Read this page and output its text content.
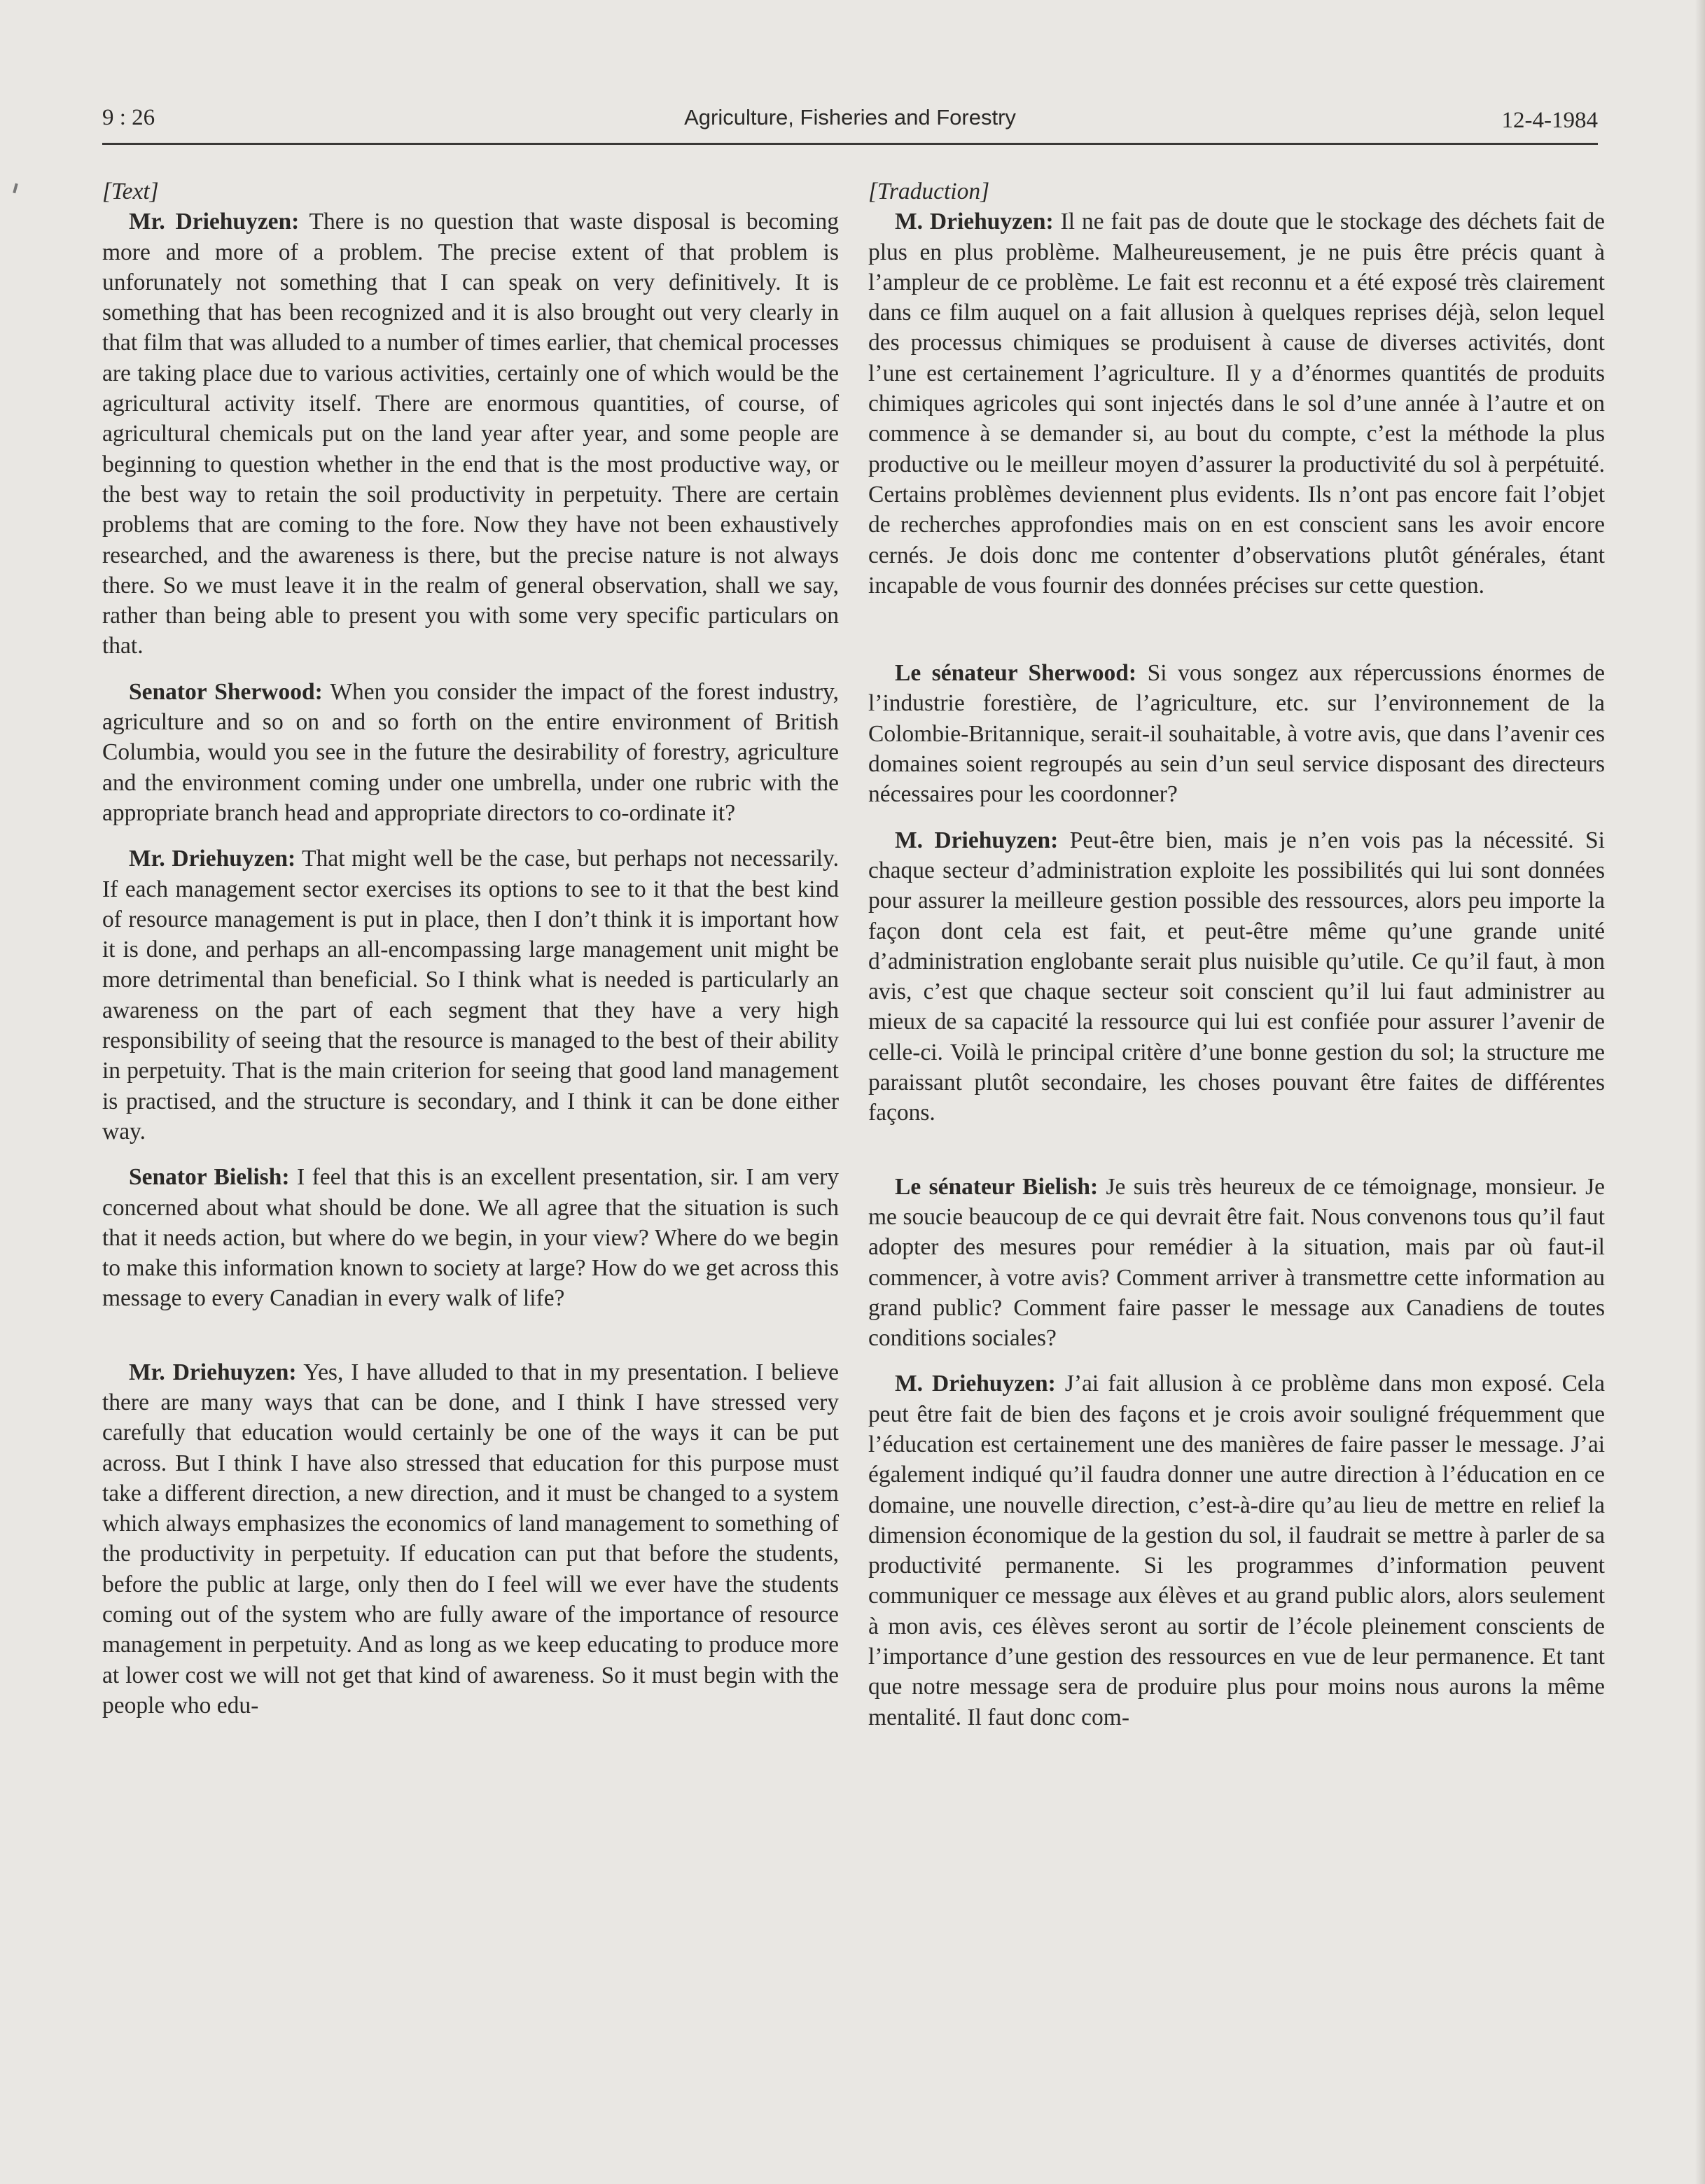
9 : 26	Agriculture, Fisheries and Forestry	12-4-1984

[Text]

Mr. Driehuyzen: There is no question that waste disposal is becoming more and more of a problem. The precise extent of that problem is unforunately not something that I can speak on very definitively. It is something that has been recognized and it is also brought out very clearly in that film that was alluded to a number of times earlier, that chemical processes are taking place due to various activities, certainly one of which would be the agricultural activity itself. There are enormous quantities, of course, of agricultural chemicals put on the land year after year, and some people are beginning to question whether in the end that is the most productive way, or the best way to retain the soil productivity in perpetuity. There are certain problems that are coming to the fore. Now they have not been exhaustively researched, and the awareness is there, but the precise nature is not always there. So we must leave it in the realm of general observation, shall we say, rather than being able to present you with some very specific particulars on that.

Senator Sherwood: When you consider the impact of the forest industry, agriculture and so on and so forth on the entire environment of British Columbia, would you see in the future the desirability of forestry, agriculture and the environment coming under one umbrella, under one rubric with the appropriate branch head and appropriate directors to co-ordinate it?

Mr. Driehuyzen: That might well be the case, but perhaps not necessarily. If each management sector exercises its options to see to it that the best kind of resource management is put in place, then I don’t think it is important how it is done, and perhaps an all-encompassing large management unit might be more detrimental than beneficial. So I think what is needed is particularly an awareness on the part of each segment that they have a very high responsibility of seeing that the resource is managed to the best of their ability in perpetuity. That is the main criterion for seeing that good land management is practised, and the structure is secondary, and I think it can be done either way.

Senator Bielish: I feel that this is an excellent presentation, sir. I am very concerned about what should be done. We all agree that the situation is such that it needs action, but where do we begin, in your view? Where do we begin to make this information known to society at large? How do we get across this message to every Canadian in every walk of life?

Mr. Driehuyzen: Yes, I have alluded to that in my presentation. I believe there are many ways that can be done, and I think I have stressed very carefully that education would certainly be one of the ways it can be put across. But I think I have also stressed that education for this purpose must take a different direction, a new direction, and it must be changed to a system which always emphasizes the economics of land management to something of the productivity in perpetuity. If education can put that before the students, before the public at large, only then do I feel will we ever have the students coming out of the system who are fully aware of the importance of resource management in perpetuity. And as long as we keep educating to produce more at lower cost we will not get that kind of awareness. So it must begin with the people who edu-

[Traduction]

M. Driehuyzen: Il ne fait pas de doute que le stockage des déchets fait de plus en plus problème. Malheureusement, je ne puis être précis quant à l’ampleur de ce problème. Le fait est reconnu et a été exposé très clairement dans ce film auquel on a fait allusion à quelques reprises déjà, selon lequel des processus chimiques se produisent à cause de diverses activités, dont l’une est certainement l’agriculture. Il y a d’énormes quantités de produits chimiques agricoles qui sont injectés dans le sol d’une année à l’autre et on commence à se demander si, au bout du compte, c’est la méthode la plus productive ou le meilleur moyen d’assurer la productivité du sol à perpétuité. Certains problèmes deviennent plus evidents. Ils n’ont pas encore fait l’objet de recherches approfondies mais on en est conscient sans les avoir encore cernés. Je dois donc me contenter d’observations plutôt générales, étant incapable de vous fournir des données précises sur cette question.

Le sénateur Sherwood: Si vous songez aux répercussions énormes de l’industrie forestière, de l’agriculture, etc. sur l’environnement de la Colombie-Britannique, serait-il souhaitable, à votre avis, que dans l’avenir ces domaines soient regroupés au sein d’un seul service disposant des directeurs nécessaires pour les coordonner?

M. Driehuyzen: Peut-être bien, mais je n’en vois pas la nécessité. Si chaque secteur d’administration exploite les possibilités qui lui sont données pour assurer la meilleure gestion possible des ressources, alors peu importe la façon dont cela est fait, et peut-être même qu’une grande unité d’administration englobante serait plus nuisible qu’utile. Ce qu’il faut, à mon avis, c’est que chaque secteur soit conscient qu’il lui faut administrer au mieux de sa capacité la ressource qui lui est confiée pour assurer l’avenir de celle-ci. Voilà le principal critère d’une bonne gestion du sol; la structure me paraissant plutôt secondaire, les choses pouvant être faites de différentes façons.

Le sénateur Bielish: Je suis très heureux de ce témoignage, monsieur. Je me soucie beaucoup de ce qui devrait être fait. Nous convenons tous qu’il faut adopter des mesures pour remédier à la situation, mais par où faut-il commencer, à votre avis? Comment arriver à transmettre cette information au grand public? Comment faire passer le message aux Canadiens de toutes conditions sociales?

M. Driehuyzen: J’ai fait allusion à ce problème dans mon exposé. Cela peut être fait de bien des façons et je crois avoir souligné fréquemment que l’éducation est certainement une des manières de faire passer le message. J’ai également indiqué qu’il faudra donner une autre direction à l’éducation en ce domaine, une nouvelle direction, c’est-à-dire qu’au lieu de mettre en relief la dimension économique de la gestion du sol, il faudrait se mettre à parler de sa productivité permanente. Si les programmes d’information peuvent communiquer ce message aux élèves et au grand public alors, alors seulement à mon avis, ces élèves seront au sortir de l’école pleinement conscients de l’importance d’une gestion des ressources en vue de leur permanence. Et tant que notre message sera de produire plus pour moins nous aurons la même mentalité. Il faut donc com-
